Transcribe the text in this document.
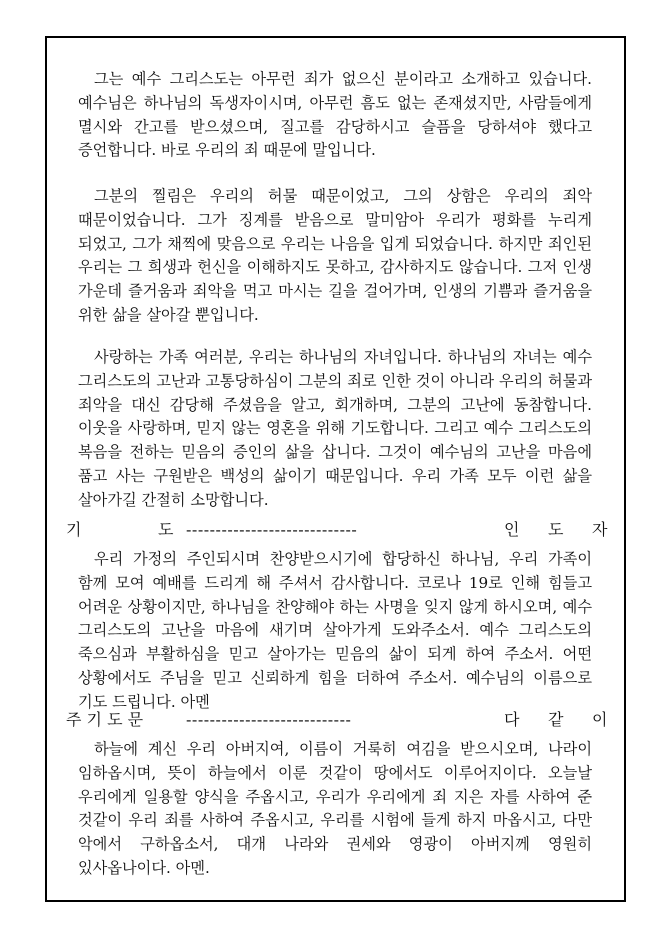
그는 예수 그리스도는 아무런 죄가 없으신 분이라고 소개하고 있습니다. 예수님은 하나님의 독생자이시며, 아무런 흠도 없는 존재셨지만, 사람들에게 멸시와 간고를 받으셨으며, 질고를 감당하시고 슬픔을 당하셔야 했다고 증언합니다. 바로 우리의 죄 때문에 말입니다.

그분의 찔림은 우리의 허물 때문이었고, 그의 상함은 우리의 죄악 때문이었습니다. 그가 징계를 받음으로 말미암아 우리가 평화를 누리게 되었고, 그가 채찍에 맞음으로 우리는 나음을 입게 되었습니다. 하지만 죄인된 우리는 그 희생과 헌신을 이해하지도 못하고, 감사하지도 않습니다. 그저 인생 가운데 즐거움과 죄악을 먹고 마시는 길을 걸어가며, 인생의 기쁨과 즐거움을 위한 삶을 살아갈 뿐입니다.

사랑하는 가족 여러분, 우리는 하나님의 자녀입니다. 하나님의 자녀는 예수 그리스도의 고난과 고통당하심이 그분의 죄로 인한 것이 아니라 우리의 허물과 죄악을 대신 감당해 주셨음을 알고, 회개하며, 그분의 고난에 동참합니다. 이웃을 사랑하며, 믿지 않는 영혼을 위해 기도합니다. 그리고 예수 그리스도의 복음을 전하는 믿음의 증인의 삶을 삽니다. 그것이 예수님의 고난을 마음에 품고 사는 구원받은 백성의 삶이기 때문입니다. 우리 가족 모두 이런 삶을 살아가길 간절히 소망합니다.

기	도 -----------------------------	인 도 자

우리 가정의 주인되시며 찬양받으시기에 합당하신 하나님, 우리 가족이 함께 모여 예배를 드리게 해 주셔서 감사합니다. 코로나 19로 인해 힘들고 어려운 상황이지만, 하나님을 찬양해야 하는 사명을 잊지 않게 하시오며, 예수 그리스도의 고난을 마음에 새기며 살아가게 도와주소서. 예수 그리스도의 죽으심과 부활하심을 믿고 살아가는 믿음의 삶이 되게 하여 주소서. 어떤 상황에서도 주님을 믿고 신뢰하게 힘을 더하여 주소서. 예수님의 이름으로 기도 드립니다. 아멘

주 기 도 문	----------------------------	다 같 이

하늘에 계신 우리 아버지여, 이름이 거룩히 여김을 받으시오며, 나라이 임하옵시며, 뜻이 하늘에서 이룬 것같이 땅에서도 이루어지이다. 오늘날 우리에게 일용할 양식을 주옵시고, 우리가 우리에게 죄 지은 자를 사하여 준 것같이 우리 죄를 사하여 주옵시고, 우리를 시험에 들게 하지 마옵시고, 다만 악에서 구하옵소서, 대개 나라와 권세와 영광이 아버지께 영원히 있사옵나이다. 아멘.
